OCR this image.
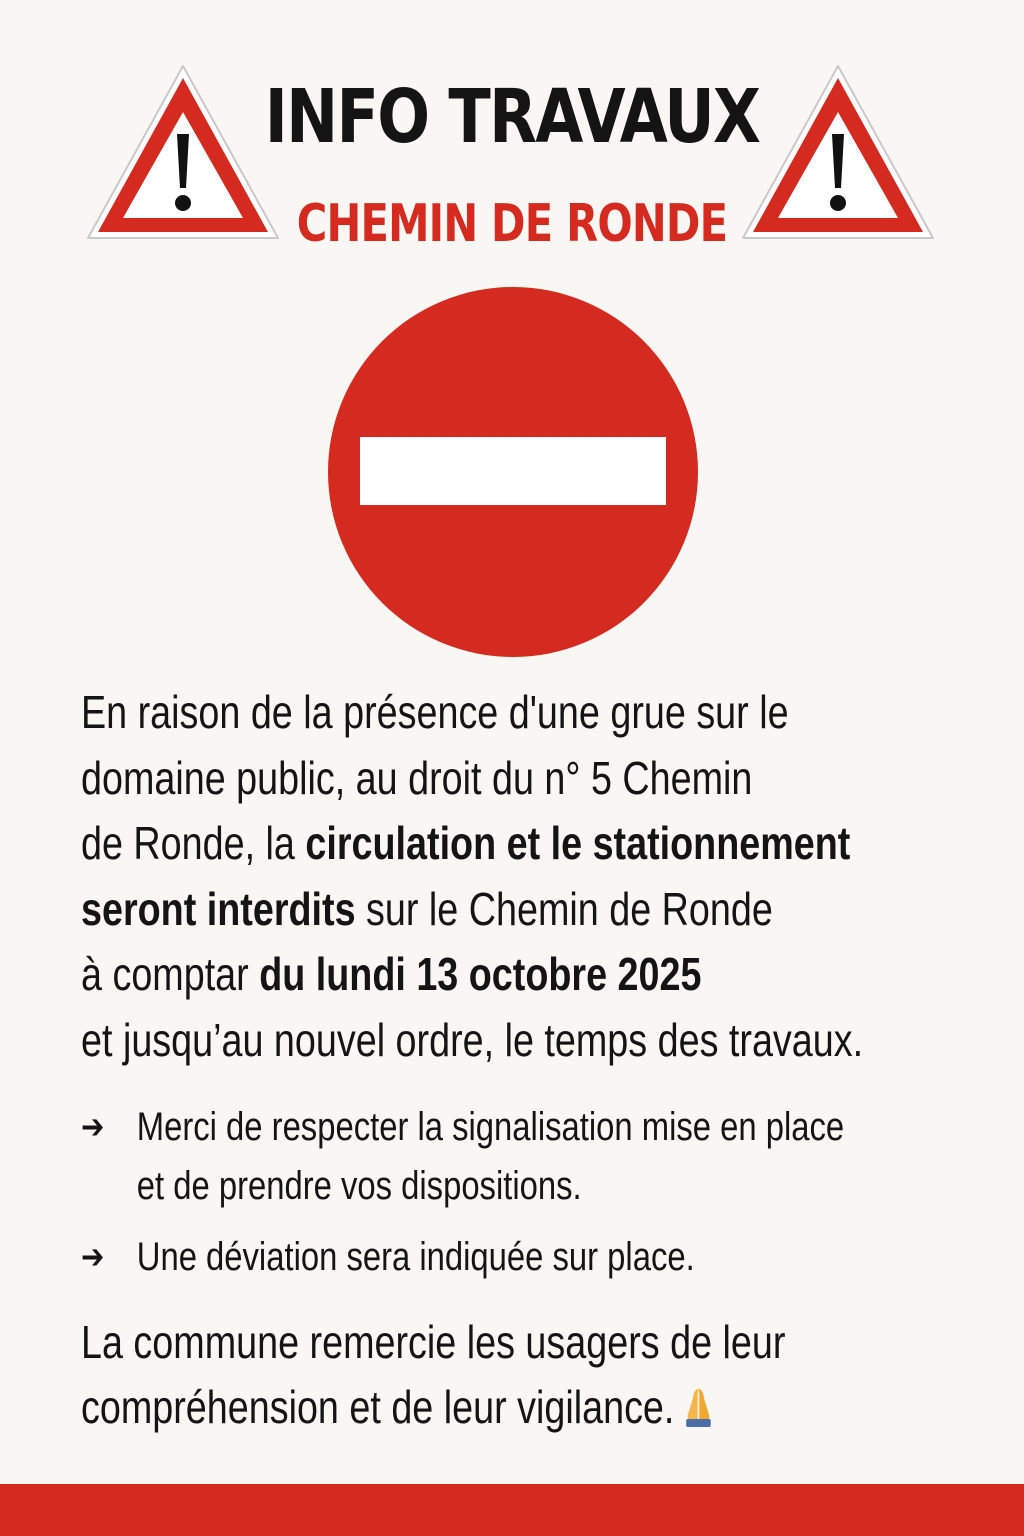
INFO TRAVAUX
CHEMIN DE RONDE
En raison de la présence d'une grue sur le
domaine public, au droit du n° 5 Chemin
de Ronde, la circulation et le stationnement
seront interdits sur le Chemin de Ronde
à comptar du lundi 13 octobre 2025
et jusqu’au nouvel ordre, le temps des travaux.
➔ Merci de respecter la signalisation mise en place
et de prendre vos dispositions.
➔ Une déviation sera indiquée sur place.
La commune remercie les usagers de leur
compréhension et de leur vigilance.
